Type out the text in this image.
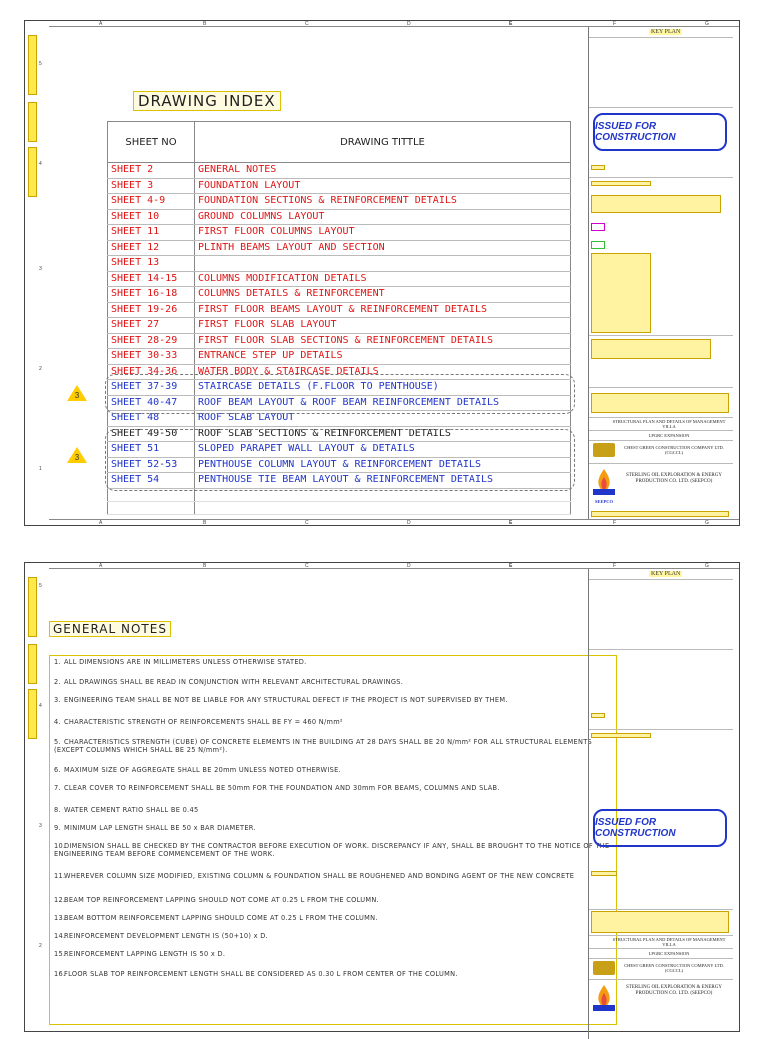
A	B	C	D	E	F	G
A	B	C	D	E	F	G
5
4
3
2
1
DRAWING INDEX
SHEET NO	DRAWING TITTLE
SHEET 2	GENERAL NOTES
SHEET 3	FOUNDATION LAYOUT
SHEET 4-9	FOUNDATION SECTIONS & REINFORCEMENT DETAILS
SHEET 10	GROUND COLUMNS LAYOUT
SHEET 11	FIRST FLOOR COLUMNS LAYOUT
SHEET 12	PLINTH BEAMS LAYOUT AND SECTION
SHEET 13	
SHEET 14-15	COLUMNS MODIFICATION DETAILS
SHEET 16-18	COLUMNS DETAILS & REINFORCEMENT
SHEET 19-26	FIRST FLOOR BEAMS LAYOUT & REINFORCEMENT DETAILS
SHEET 27	FIRST FLOOR SLAB LAYOUT
SHEET 28-29	FIRST FLOOR SLAB SECTIONS & REINFORCEMENT DETAILS
SHEET 30-33	ENTRANCE STEP UP DETAILS
SHEET 34-36	WATER BODY & STAIRCASE DETAILS
SHEET 37-39	STAIRCASE DETAILS (F.FLOOR TO PENTHOUSE)
SHEET 40-47	ROOF BEAM LAYOUT & ROOF BEAM REINFORCEMENT DETAILS
SHEET 48	ROOF SLAB LAYOUT
SHEET 49-50	ROOF SLAB SECTIONS & REINFORCEMENT DETAILS
SHEET 51	SLOPED PARAPET WALL LAYOUT & DETAILS
SHEET 52-53	PENTHOUSE COLUMN LAYOUT & REINFORCEMENT DETAILS
SHEET 54	PENTHOUSE TIE BEAM LAYOUT & REINFORCEMENT DETAILS

3
3
KEY PLAN
ISSUED FOR CONSTRUCTION
STRUCTURAL PLAN AND DETAILS OF MANAGEMENT VILLA
LPGRC EXPANSION
CHEST GREEN CONSTRUCTION COMPANY LTD. (CGCCL)
STERLING OIL EXPLORATION & ENERGY PRODUCTION CO. LTD. (SEEPCO)
SEEPCO
A	B	C	D	E	F	G
5
4
3
2
GENERAL NOTES
1. ALL DIMENSIONS ARE IN MILLIMETERS UNLESS OTHERWISE STATED.
2. ALL DRAWINGS SHALL BE READ IN CONJUNCTION WITH RELEVANT ARCHITECTURAL DRAWINGS.
3. ENGINEERING TEAM SHALL BE NOT BE LIABLE FOR ANY STRUCTURAL DEFECT IF THE PROJECT IS NOT SUPERVISED BY THEM.
4. CHARACTERISTIC STRENGTH OF REINFORCEMENTS SHALL BE FY = 460 N/mm²
5. CHARACTERISTICS STRENGTH (CUBE) OF CONCRETE ELEMENTS IN THE BUILDING AT 28 DAYS SHALL BE 20 N/mm² FOR ALL STRUCTURAL ELEMENTS (EXCEPT COLUMNS WHICH SHALL BE 25 N/mm²).
6. MAXIMUM SIZE OF AGGREGATE SHALL BE 20mm UNLESS NOTED OTHERWISE.
7. CLEAR COVER TO REINFORCEMENT SHALL BE 50mm FOR THE FOUNDATION AND 30mm FOR BEAMS, COLUMNS AND SLAB.
8. WATER CEMENT RATIO SHALL BE 0.45
9. MINIMUM LAP LENGTH SHALL BE 50 x BAR DIAMETER.
10.DIMENSION SHALL BE CHECKED BY THE CONTRACTOR BEFORE EXECUTION OF WORK. DISCREPANCY IF ANY, SHALL BE BROUGHT TO THE NOTICE OF THE ENGINEERING TEAM BEFORE COMMENCEMENT OF THE WORK.
11.WHEREVER COLUMN SIZE MODIFIED, EXISTING COLUMN & FOUNDATION SHALL BE ROUGHENED AND BONDING AGENT OF THE NEW CONCRETE
12.BEAM TOP REINFORCEMENT LAPPING SHOULD NOT COME AT 0.25 L FROM THE COLUMN.
13.BEAM BOTTOM REINFORCEMENT LAPPING SHOULD COME AT 0.25 L FROM THE COLUMN.
14.REINFORCEMENT DEVELOPMENT LENGTH IS (50+10) x D.
15.REINFORCEMENT LAPPING LENGTH IS 50 x D.
16.FLOOR SLAB TOP REINFORCEMENT LENGTH SHALL BE CONSIDERED AS 0.30 L FROM CENTER OF THE COLUMN.
KEY PLAN
ISSUED FOR CONSTRUCTION
STRUCTURAL PLAN AND DETAILS OF MANAGEMENT VILLA
LPGRC EXPANSION
CHEST GREEN CONSTRUCTION COMPANY LTD. (CGCCL)
STERLING OIL EXPLORATION & ENERGY PRODUCTION CO. LTD. (SEEPCO)
